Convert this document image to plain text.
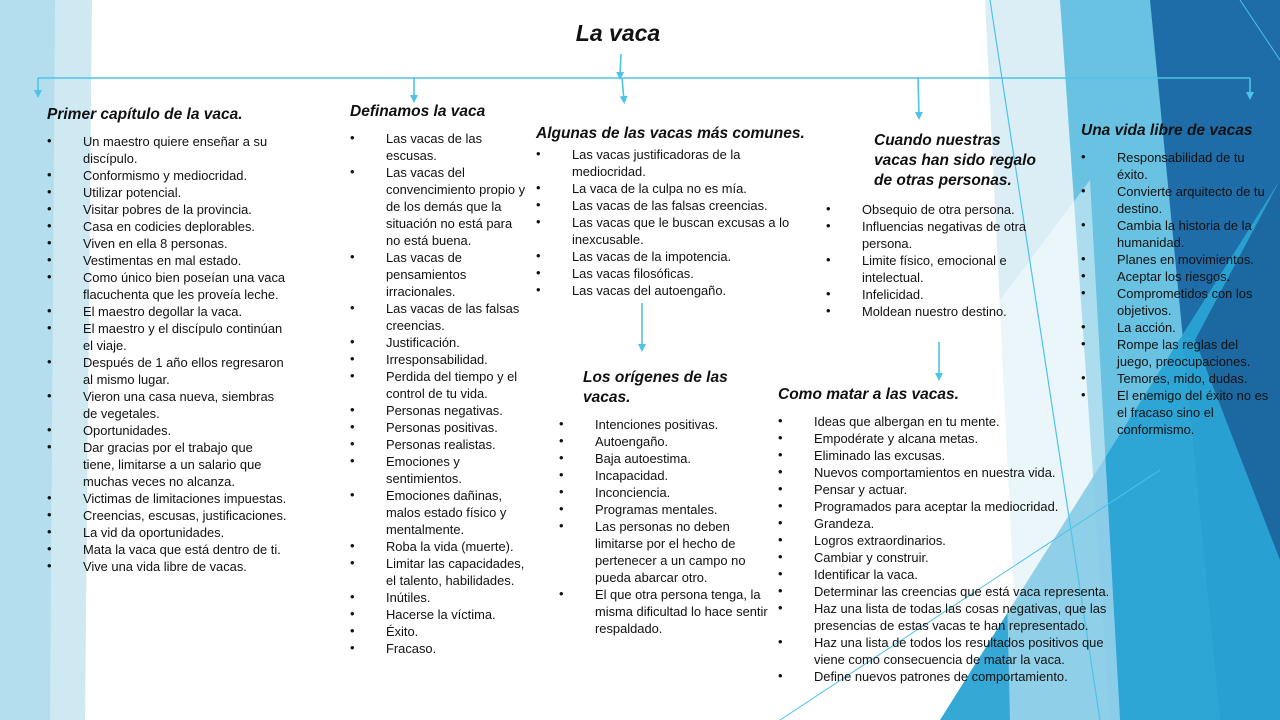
La vaca
Primer capítulo de la vaca.
• Un maestro quiere enseñar a su discípulo.
• Conformismo y mediocridad.
• Utilizar potencial.
• Visitar pobres de la provincia.
• Casa en codicies deplorables.
• Viven en ella 8 personas.
• Vestimentas en mal estado.
• Como único bien poseían una vaca flacuchenta que les proveía leche.
• El maestro degollar la vaca.
• El maestro y el discípulo continúan el viaje.
• Después de 1 año ellos regresaron al mismo lugar.
• Vieron una casa nueva, siembras de vegetales.
• Oportunidades.
• Dar gracias por el trabajo que tiene, limitarse a un salario que muchas veces no alcanza.
• Victimas de limitaciones impuestas.
• Creencias, escusas, justificaciones.
• La vid da oportunidades.
• Mata la vaca que está dentro de ti.
• Vive una vida libre de vacas.
Definamos la vaca
• Las vacas de las escusas.
• Las vacas del convencimiento propio y de los demás que la situación no está para no está buena.
• Las vacas de pensamientos irracionales.
• Las vacas de las falsas creencias.
• Justificación.
• Irresponsabilidad.
• Perdida del tiempo y el control de tu vida.
• Personas negativas.
• Personas positivas.
• Personas realistas.
• Emociones y sentimientos.
• Emociones dañinas, malos estado físico y mentalmente.
• Roba la vida (muerte).
• Limitar las capacidades, el talento, habilidades.
• Inútiles.
• Hacerse la víctima.
• Éxito.
• Fracaso.
Algunas de las vacas más comunes.
• Las vacas justificadoras de la mediocridad.
• La vaca de la culpa no es mía.
• Las vacas de las falsas creencias.
• Las vacas que le buscan excusas a lo inexcusable.
• Las vacas de la impotencia.
• Las vacas filosóficas.
• Las vacas del autoengaño.
Los orígenes de las vacas.
• Intenciones positivas.
• Autoengaño.
• Baja autoestima.
• Incapacidad.
• Inconciencia.
• Programas mentales.
• Las personas no deben limitarse por el hecho de pertenecer a un campo no pueda abarcar otro.
• El que otra persona tenga, la misma dificultad lo hace sentir respaldado.
Cuando nuestras vacas han sido regalo de otras personas.
• Obsequio de otra persona.
• Influencias negativas de otra persona.
• Limite físico, emocional e intelectual.
• Infelicidad.
• Moldean nuestro destino.
Como matar a las vacas.
• Ideas que albergan en tu mente.
• Empodérate y alcana metas.
• Eliminado las excusas.
• Nuevos comportamientos en nuestra vida.
• Pensar y actuar.
• Programados para aceptar la mediocridad.
• Grandeza.
• Logros extraordinarios.
• Cambiar y construir.
• Identificar la vaca.
• Determinar las creencias que está vaca representa.
• Haz una lista de todas las cosas negativas, que las presencias de estas vacas te han representado.
• Haz una lista de todos los resultados positivos que viene como consecuencia de matar la vaca.
• Define nuevos patrones de comportamiento.
Una vida libre de vacas
• Responsabilidad de tu éxito.
• Convierte arquitecto de tu destino.
• Cambia la historia de la humanidad.
• Planes en movimientos.
• Aceptar los riesgos.
• Comprometidos con los objetivos.
• La acción.
• Rompe las reglas del juego, preocupaciones.
• Temores, mido, dudas.
• El enemigo del éxito no es el fracaso sino el conformismo.
